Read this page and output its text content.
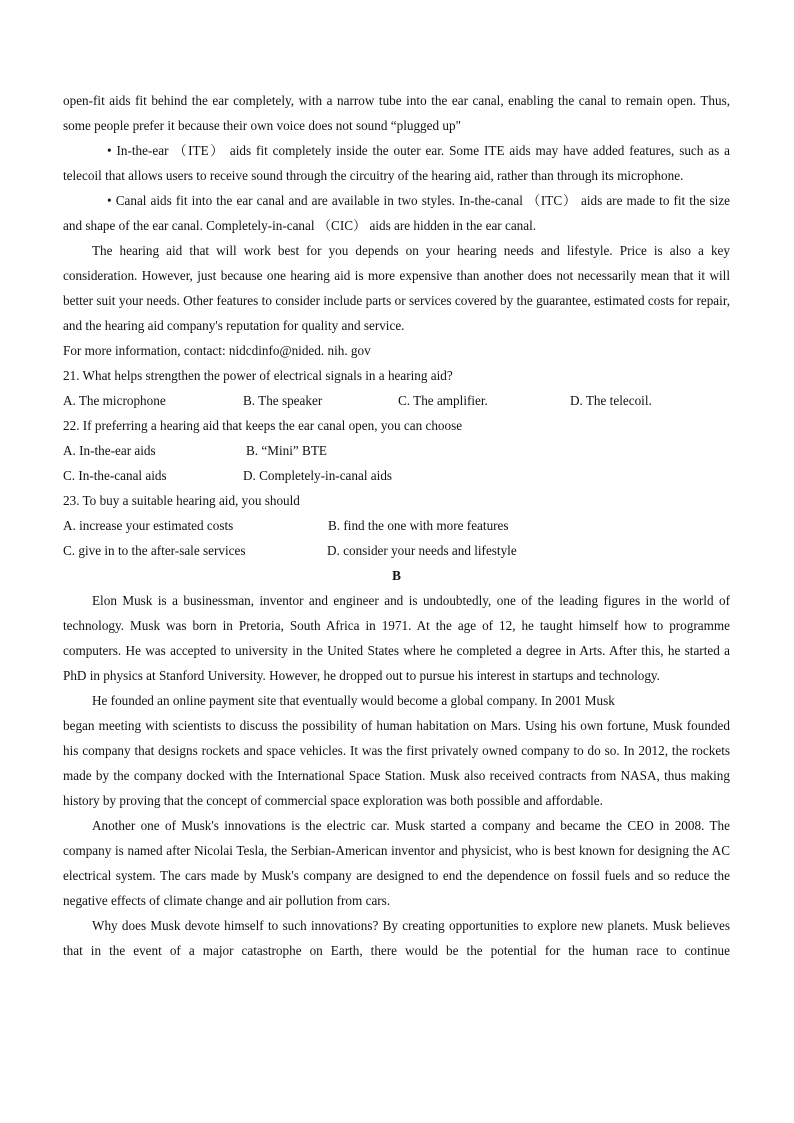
open-fit aids fit behind the ear completely, with a narrow tube into the ear canal, enabling the canal to remain open. Thus, some people prefer it because their own voice does not sound “plugged up"
• In-the-ear （ITE） aids fit completely inside the outer ear. Some ITE aids may have added features, such as a telecoil that allows users to receive sound through the circuitry of the hearing aid, rather than through its microphone.
• Canal aids fit into the ear canal and are available in two styles. In-the-canal （ITC） aids are made to fit the size and shape of the ear canal. Completely-in-canal （CIC） aids are hidden in the ear canal.
The hearing aid that will work best for you depends on your hearing needs and lifestyle. Price is also a key consideration. However, just because one hearing aid is more expensive than another does not necessarily mean that it will better suit your needs. Other features to consider include parts or services covered by the guarantee, estimated costs for repair, and the hearing aid company's reputation for quality and service.
For more information, contact: nidcdinfo@nided. nih. gov
21. What helps strengthen the power of electrical signals in a hearing aid?
A. The microphone	B. The speaker	C. The amplifier.	D. The telecoil.
22. If preferring a hearing aid that keeps the ear canal open, you can choose
A. In-the-ear aids	B. “Mini” BTE
C. In-the-canal aids	D. Completely-in-canal aids
23. To buy a suitable hearing aid, you should
A. increase your estimated costs	B. find the one with more features
C. give in to the after-sale services	D. consider your needs and lifestyle
B
Elon Musk is a businessman, inventor and engineer and is undoubtedly, one of the leading figures in the world of technology. Musk was born in Pretoria, South Africa in 1971. At the age of 12, he taught himself how to programme computers. He was accepted to university in the United States where he completed a degree in Arts. After this, he started a PhD in physics at Stanford University. However, he dropped out to pursue his interest in startups and technology.
He founded an online payment site that eventually would become a global company. In 2001 Musk
began meeting with scientists to discuss the possibility of human habitation on Mars. Using his own fortune, Musk founded his company that designs rockets and space vehicles. It was the first privately owned company to do so. In 2012, the rockets made by the company docked with the International Space Station. Musk also received contracts from NASA, thus making history by proving that the concept of commercial space exploration was both possible and affordable.
Another one of Musk's innovations is the electric car. Musk started a company and became the CEO in 2008. The company is named after Nicolai Tesla, the Serbian-American inventor and physicist, who is best known for designing the AC electrical system. The cars made by Musk's company are designed to end the dependence on fossil fuels and so reduce the negative effects of climate change and air pollution from cars.
Why does Musk devote himself to such innovations? By creating opportunities to explore new planets. Musk believes that in the event of a major catastrophe on Earth, there would be the potential for the human race to continue
